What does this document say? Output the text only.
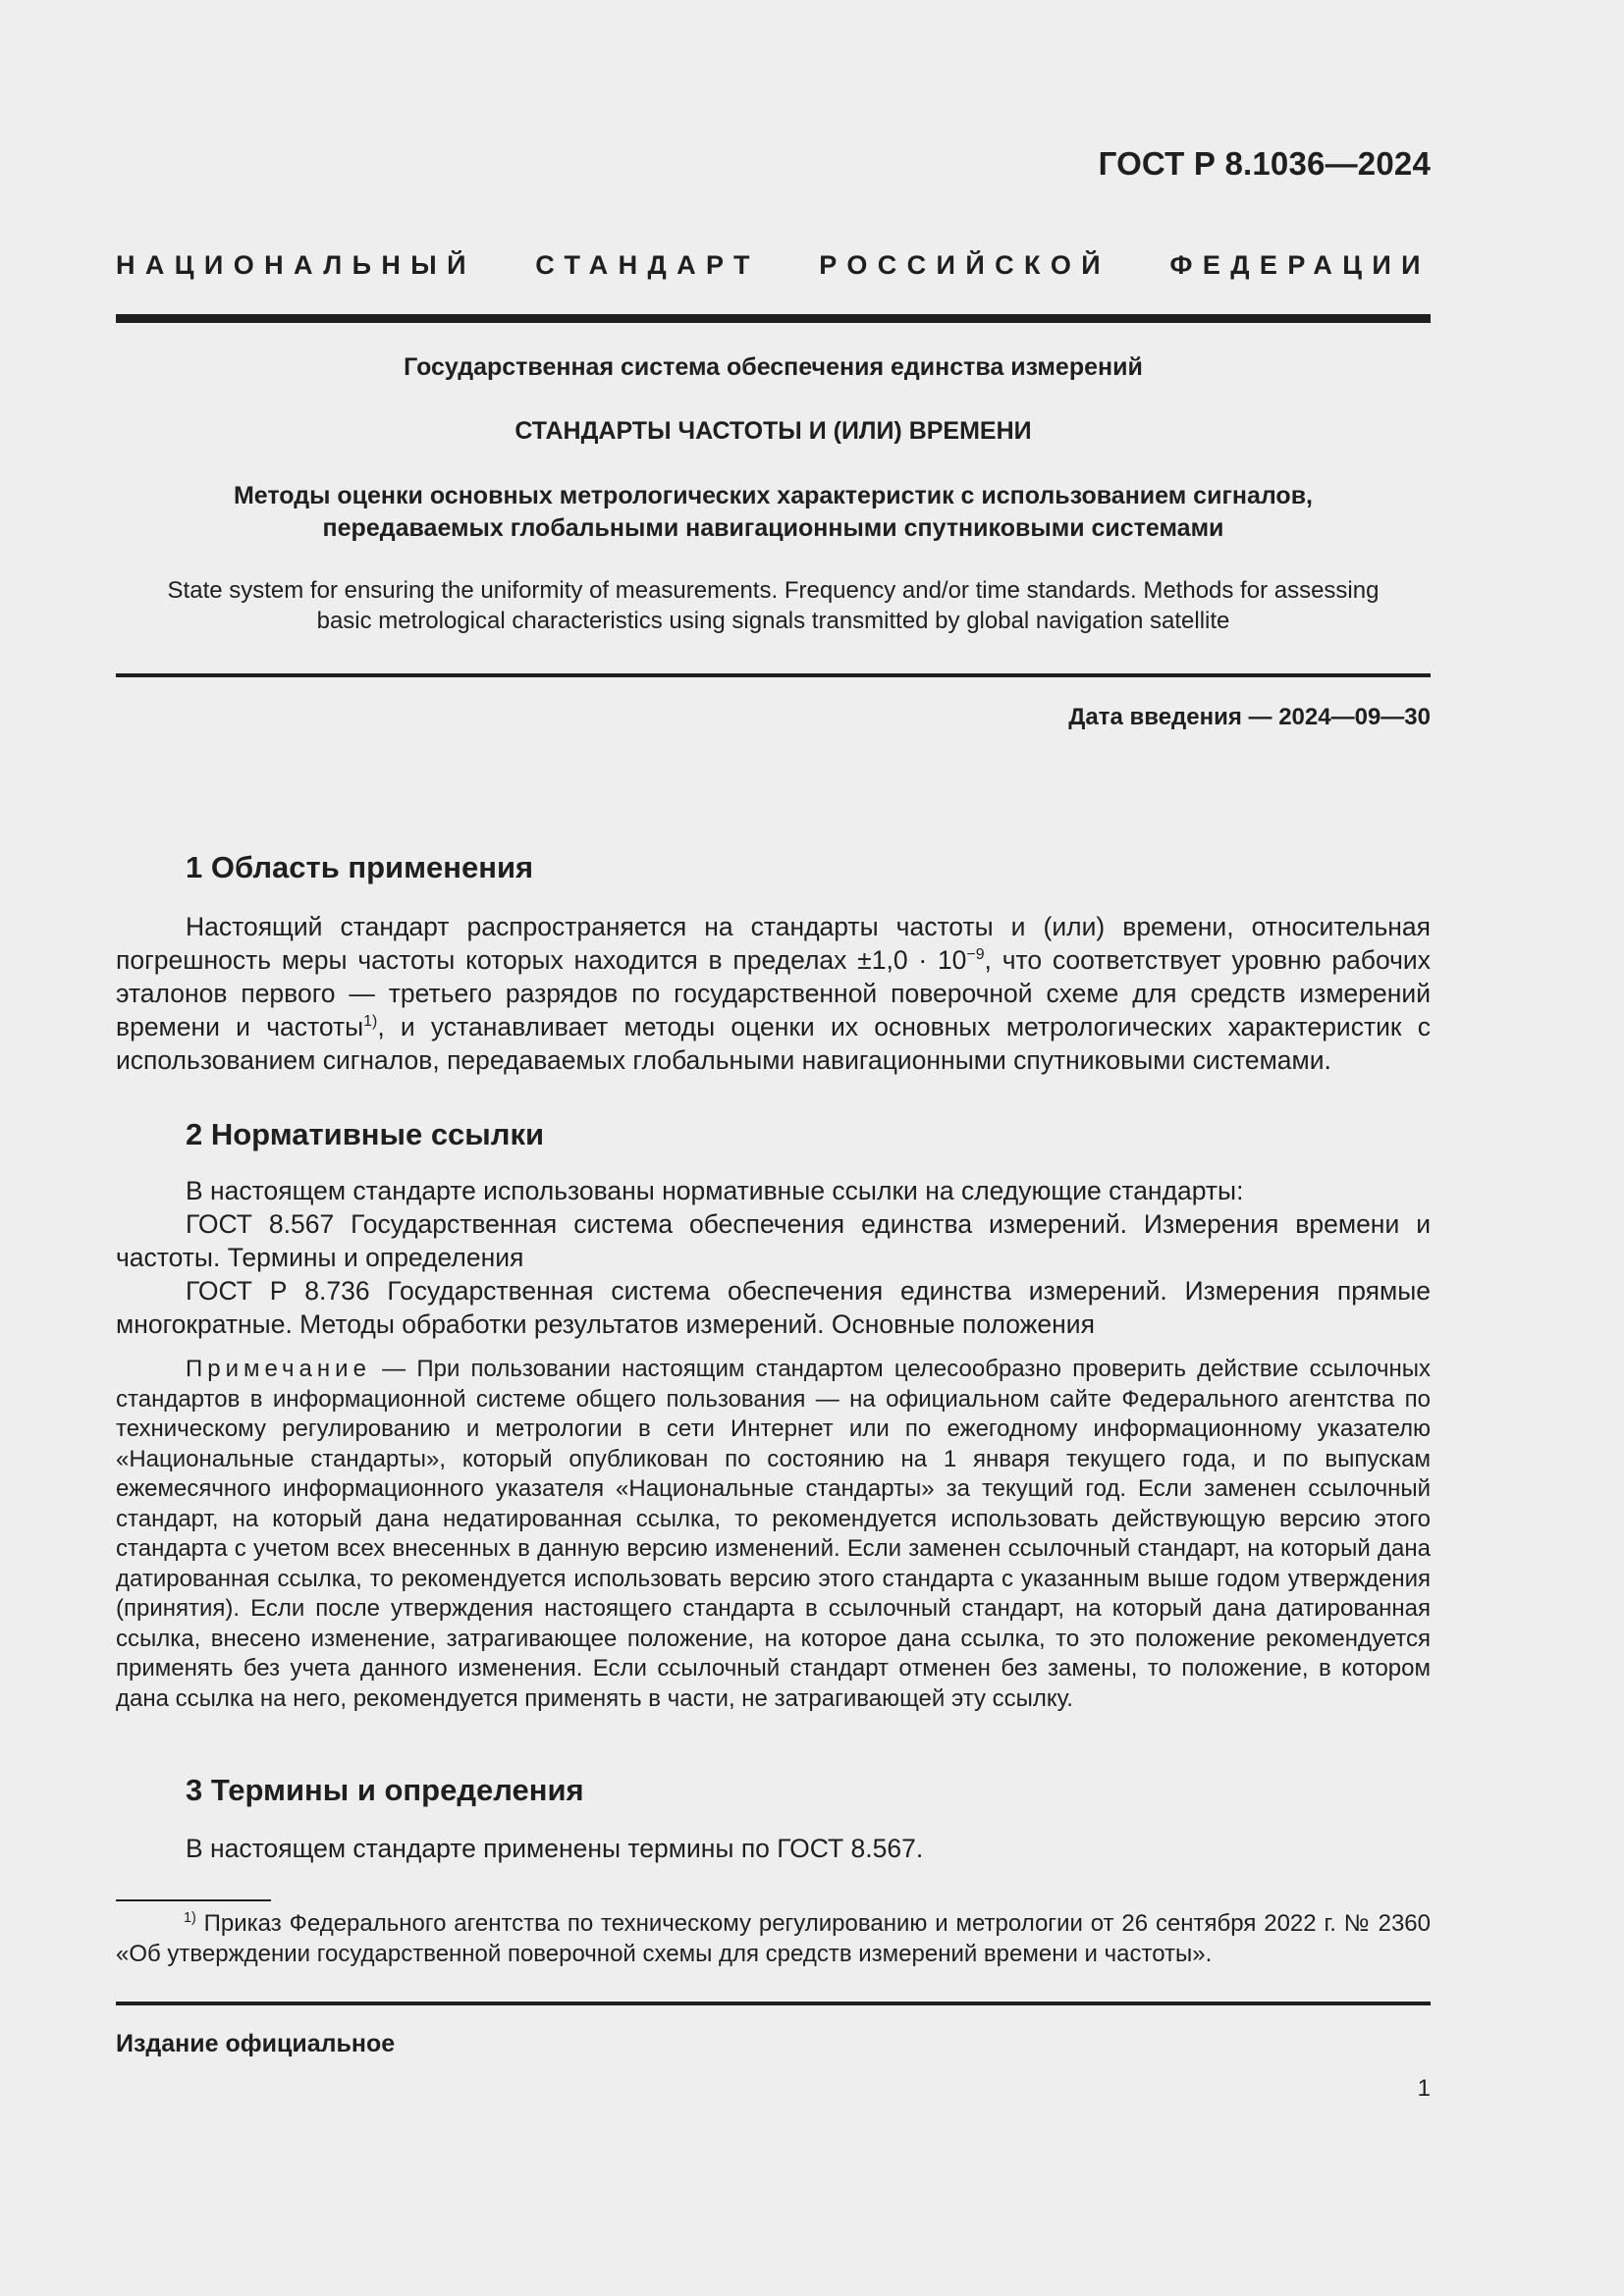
ГОСТ Р 8.1036—2024
НАЦИОНАЛЬНЫЙ СТАНДАРТ РОССИЙСКОЙ ФЕДЕРАЦИИ
Государственная система обеспечения единства измерений
СТАНДАРТЫ ЧАСТОТЫ И (ИЛИ) ВРЕМЕНИ
Методы оценки основных метрологических характеристик с использованием сигналов,
передаваемых глобальными навигационными спутниковыми системами
State system for ensuring the uniformity of measurements. Frequency and/or time standards. Methods for assessing
basic metrological characteristics using signals transmitted by global navigation satellite
Дата введения — 2024—09—30
1 Область применения

Настоящий стандарт распространяется на стандарты частоты и (или) времени, относительная погрешность меры частоты которых находится в пределах $\pm 1,0 \cdot 10^{-9}$, что соответствует уровню рабочих эталонов первого — третьего разрядов по государственной поверочной схеме для средств измерений времени и частоты$^{1)}$, и устанавливает методы оценки их основных метрологических характеристик с использованием сигналов, передаваемых глобальными навигационными спутниковыми системами.

2 Нормативные ссылки

В настоящем стандарте использованы нормативные ссылки на следующие стандарты:

ГОСТ 8.567 Государственная система обеспечения единства измерений. Измерения времени и частоты. Термины и определения

ГОСТ Р 8.736 Государственная система обеспечения единства измерений. Измерения прямые многократные. Методы обработки результатов измерений. Основные положения

Примечание — При пользовании настоящим стандартом целесообразно проверить действие ссылочных стандартов в информационной системе общего пользования — на официальном сайте Федерального агентства по техническому регулированию и метрологии в сети Интернет или по ежегодному информационному указателю «Национальные стандарты», который опубликован по состоянию на 1 января текущего года, и по выпускам ежемесячного информационного указателя «Национальные стандарты» за текущий год. Если заменен ссылочный стандарт, на который дана недатированная ссылка, то рекомендуется использовать действующую версию этого стандарта с учетом всех внесенных в данную версию изменений. Если заменен ссылочный стандарт, на который дана датированная ссылка, то рекомендуется использовать версию этого стандарта с указанным выше годом утверждения (принятия). Если после утверждения настоящего стандарта в ссылочный стандарт, на который дана датированная ссылка, внесено изменение, затрагивающее положение, на которое дана ссылка, то это положение рекомендуется применять без учета данного изменения. Если ссылочный стандарт отменен без замены, то положение, в котором дана ссылка на него, рекомендуется применять в части, не затрагивающей эту ссылку.
3 Термины и определения

В настоящем стандарте применены термины по ГОСТ 8.567.

$^{1)}$ Приказ Федерального агентства по техническому регулированию и метрологии от 26 сентября 2022 г. № 2360 «Об утверждении государственной поверочной схемы для средств измерений времени и частоты».
Издание официальное
1
